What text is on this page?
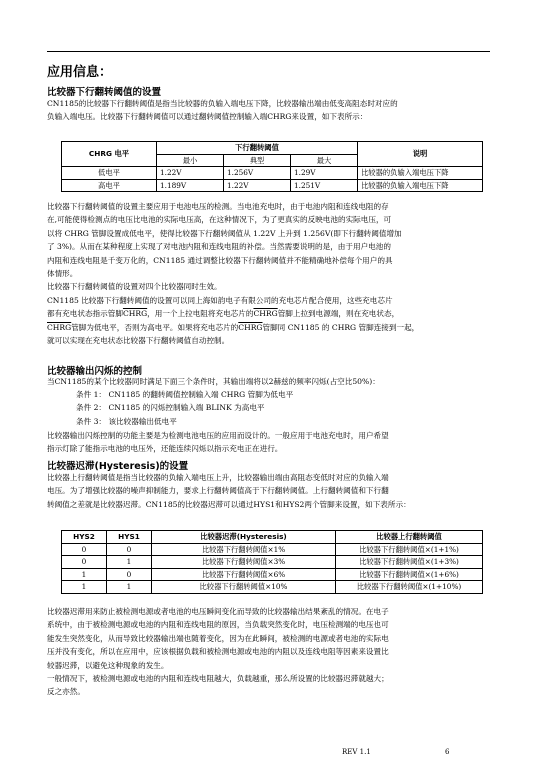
应用信息：
比较器下行翻转阈值的设置
CN1185的比较器下行翻转阈值是指当比较器的负输入端电压下降，比较器输出端由低变高阻态时对应的
负输入端电压。比较器下行翻转阈值可以通过翻转阈值控制输入端CHRG来设置，如下表所示：
CHRG 电平	下行翻转阈值			说明
	最小	典型	最大	
低电平	1.22V	1.256V	1.29V	比较器的负输入端电压下降
高电平	1.189V	1.22V	1.251V	比较器的负输入端电压下降
比较器下行翻转阈值的设置主要应用于电池电压的检测。当电池充电时，由于电池内阻和连线电阻的存
在,可能使得检测点的电压比电池的实际电压高，在这种情况下，为了更真实的反映电池的实际电压，可
以将 CHRG 管脚设置成低电平，使得比较器下行翻转阈值从 1.22V 上升到 1.256V(即下行翻转阈值增加
了 3%)。从而在某种程度上实现了对电池内阻和连线电阻的补偿。当然需要说明的是，由于用户电池的
内阻和连线电阻是千变万化的，CN1185 通过调整比较器下行翻转阈值并不能精确地补偿每个用户的具
体情形。
比较器下行翻转阈值的设置对四个比较器同时生效。
CN1185 比较器下行翻转阈值的设置可以同上海如韵电子有限公司的充电芯片配合使用，这些充电芯片
都有充电状态指示管脚CHRG，用一个上拉电阻将充电芯片的CHRG管脚上拉到电源端，则在充电状态，
CHRG管脚为低电平，否则为高电平。如果将充电芯片的CHRG管脚同 CN1185 的 CHRG 管脚连接到一起，
就可以实现在充电状态比较器下行翻转阈值自动控制。
比较器输出闪烁的控制
当CN1185的某个比较器同时满足下面三个条件时，其输出端将以2赫兹的频率闪烁(占空比50%)：
条件 1： CN1185 的翻转阈值控制输入端 CHRG 管脚为低电平
条件 2： CN1185 的闪烁控制输入端 BLINK 为高电平
条件 3： 该比较器输出低电平
比较器输出闪烁控制的功能主要是为检测电池电压的应用而设计的。一般应用于电池充电时，用户希望
指示灯除了能指示电池的电压外，还能连续闪烁以指示充电正在进行。
比较器迟滞(Hysteresis)的设置
比较器上行翻转阈值是指当比较器的负输入端电压上升，比较器输出端由高阻态变低时对应的负输入端
电压。为了增强比较器的噪声抑制能力，要求上行翻转阈值高于下行翻转阈值。上行翻转阈值和下行翻
转阈值之差就是比较器迟滞。CN1185的比较器迟滞可以通过HYS1和HYS2两个管脚来设置，如下表所示：
HYS2	HYS1	比较器迟滞(Hysteresis)	比较器上行翻转阈值
0	0	比较器下行翻转阈值×1%	比较器下行翻转阈值×(1+1%)
0	1	比较器下行翻转阈值×3%	比较器下行翻转阈值×(1+3%)
1	0	比较器下行翻转阈值×6%	比较器下行翻转阈值×(1+6%)
1	1	比较器下行翻转阈值×10%	比较器下行翻转阈值×(1+10%)
比较器迟滞用来防止被检测电源或者电池的电压瞬间变化而导致的比较器输出结果紊乱的情况。在电子
系统中，由于被检测电源或电池的内阻和连线电阻的原因，当负载突然变化时，电压检测端的电压也可
能发生突然变化，从而导致比较器输出端也随着变化，因为在此瞬间，被检测的电源或者电池的实际电
压并没有变化，所以在应用中，应该根据负载和被检测电源或电池的内阻以及连线电阻等因素来设置比
较器迟滞，以避免这种现象的发生。
一般情况下，被检测电源或电池的内阻和连线电阻越大，负载越重，那么所设置的比较器迟滞就越大；
反之亦然。
REV 1.1	6
